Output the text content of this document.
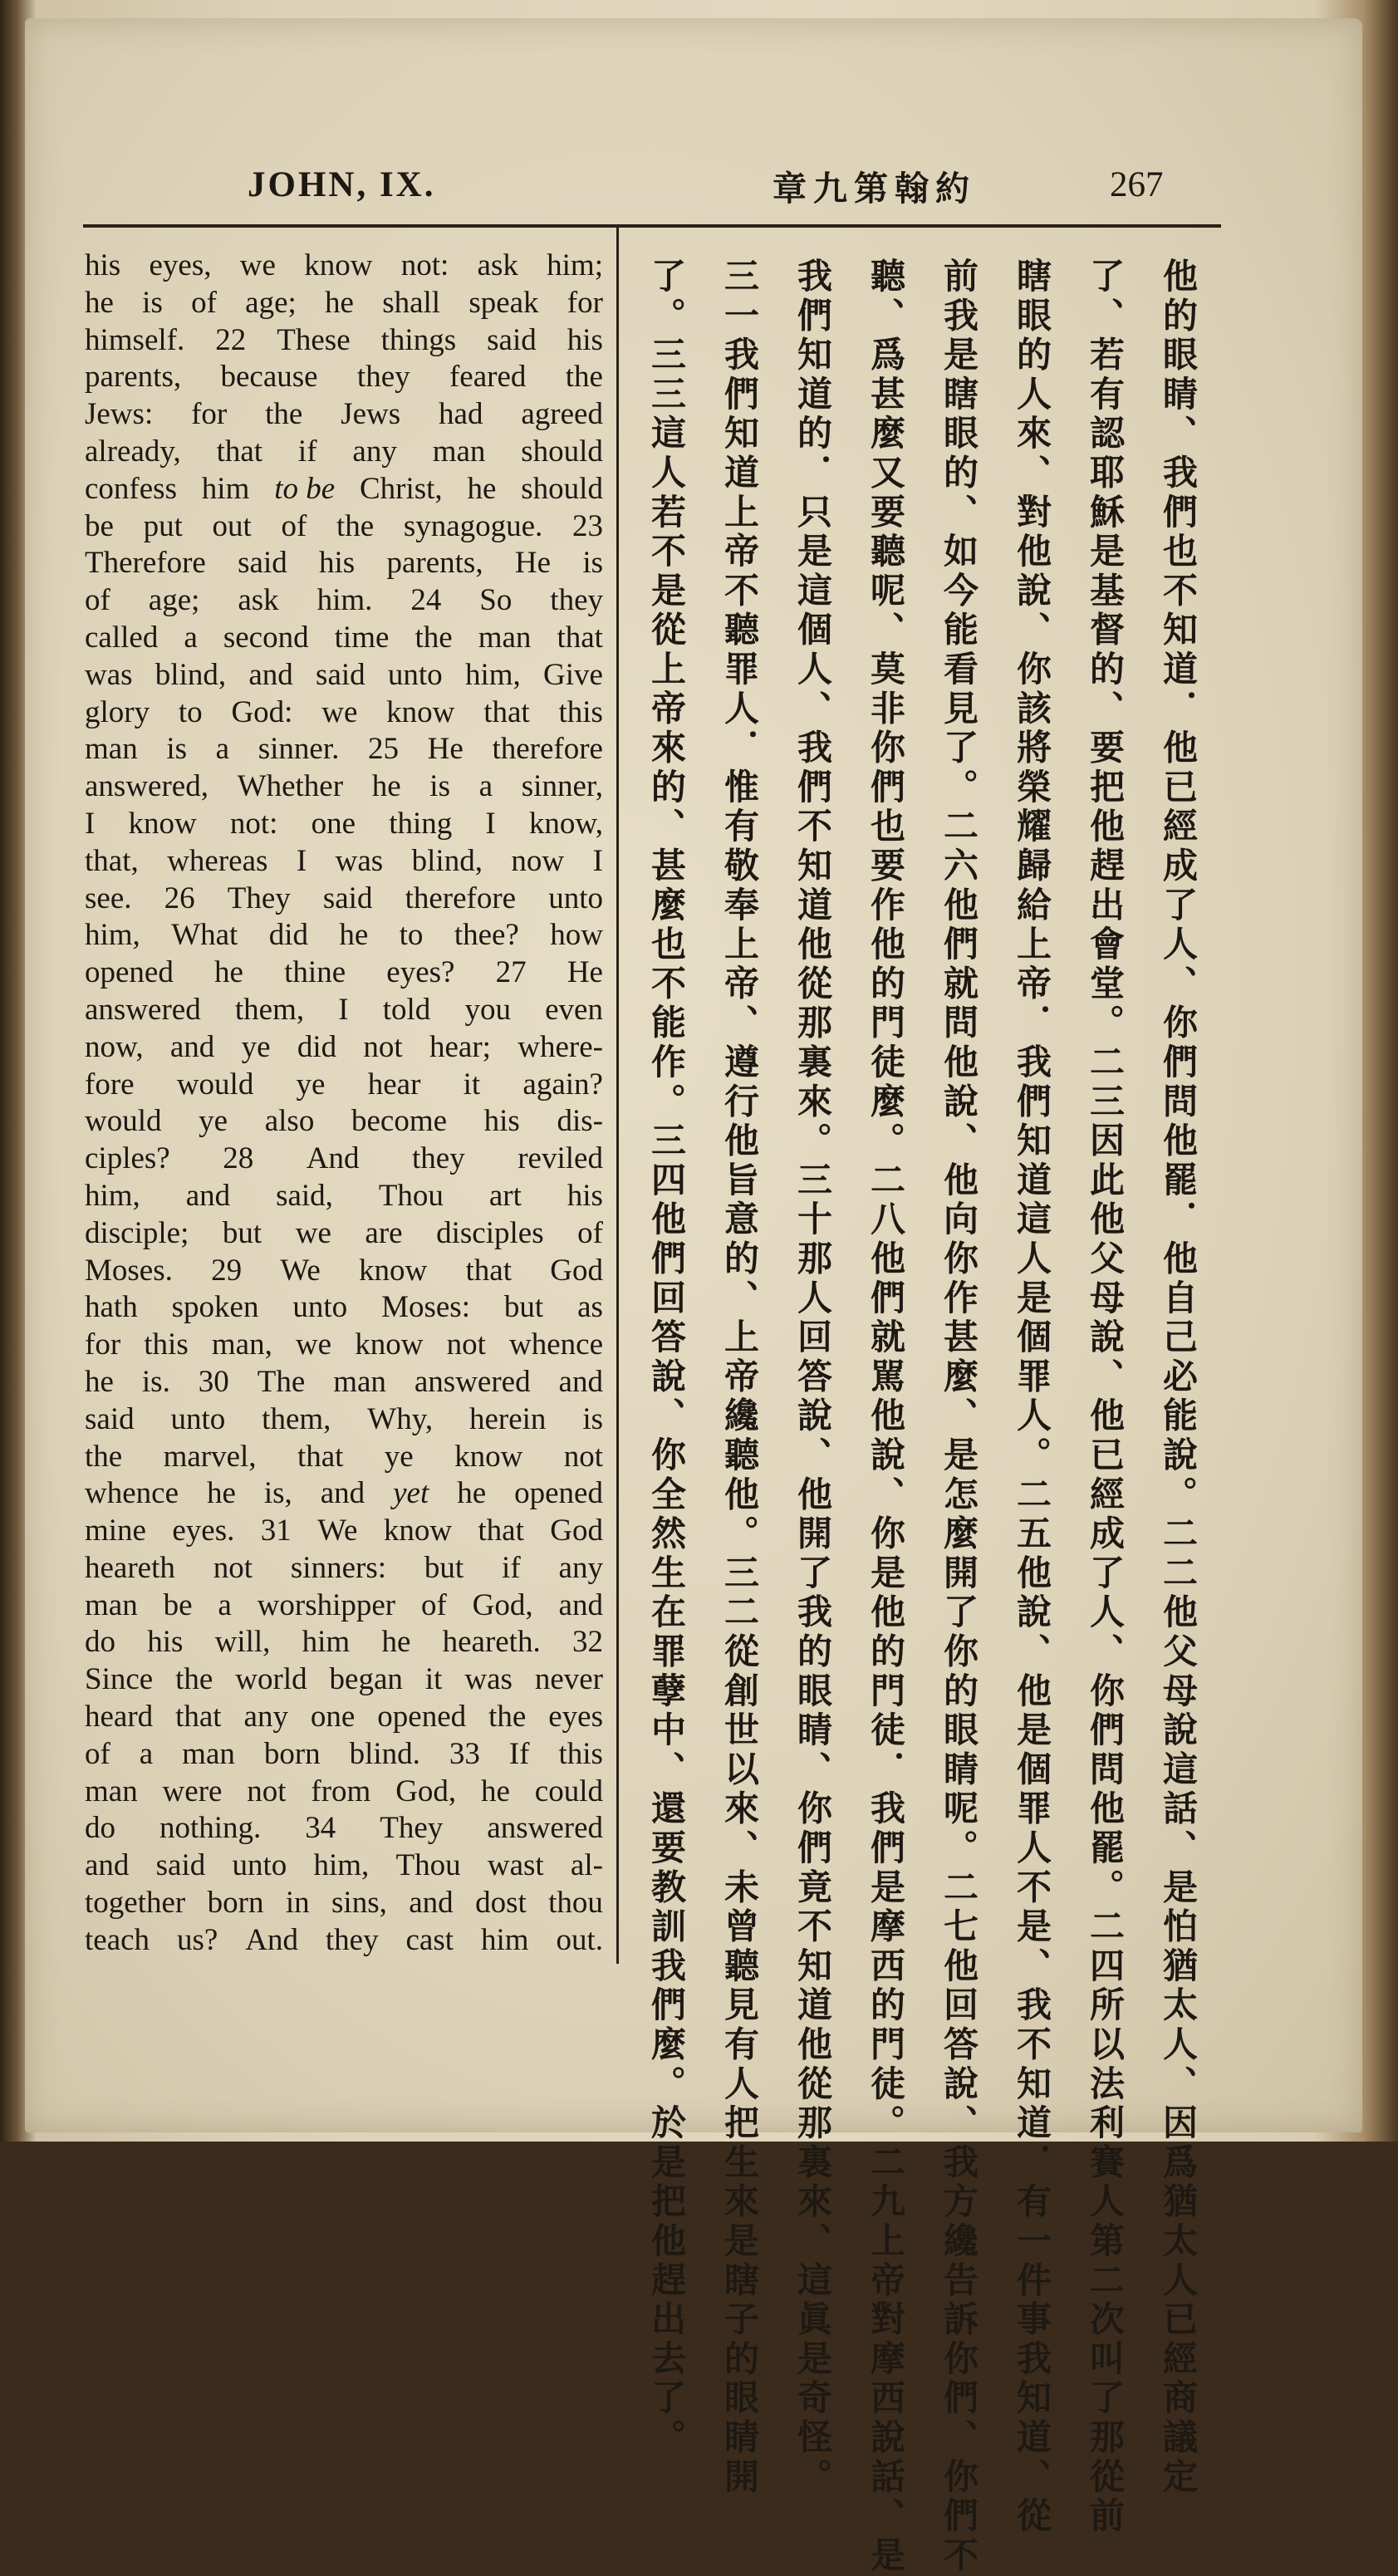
JOHN, IX.	章九第翰約	267
his eyes, we know not: ask him;
he is of age; he shall speak for
himself. 22 These things said his
parents, because they feared the
Jews: for the Jews had agreed
already, that if any man should
confess him to be Christ, he should
be put out of the synagogue. 23
Therefore said his parents, He is
of age; ask him. 24 So they
called a second time the man that
was blind, and said unto him, Give
glory to God: we know that this
man is a sinner. 25 He therefore
answered, Whether he is a sinner,
I know not: one thing I know,
that, whereas I was blind, now I
see. 26 They said therefore unto
him, What did he to thee? how
opened he thine eyes? 27 He
answered them, I told you even
now, and ye did not hear; where-
fore would ye hear it again?
would ye also become his dis-
ciples? 28 And they reviled
him, and said, Thou art his
disciple; but we are disciples of
Moses. 29 We know that God
hath spoken unto Moses: but as
for this man, we know not whence
he is. 30 The man answered and
said unto them, Why, herein is
the marvel, that ye know not
whence he is, and yet he opened
mine eyes. 31 We know that God
heareth not sinners: but if any
man be a worshipper of God, and
do his will, him he heareth. 32
Since the world began it was never
heard that any one opened the eyes
of a man born blind. 33 If this
man were not from God, he could
do nothing. 34 They answered
and said unto him, Thou wast al-
together born in sins, and dost thou
teach us? And they cast him out.	他的眼睛、我們也不知道．他已經成了人、你們問他罷．他自己必能說。二二他父母說這話、是怕猶太人、因爲猶太人已經商議定
了、若有認耶穌是基督的、要把他趕出會堂。二三因此他父母說、他已經成了人、你們問他罷。二四所以法利賽人第二次叫了那從前
瞎眼的人來、對他說、你該將榮耀歸給上帝．我們知道這人是個罪人。二五他說、他是個罪人不是、我不知道．有一件事我知道、從
前我是瞎眼的、如今能看見了。二六他們就問他說、他向你作甚麼、是怎麼開了你的眼睛呢。二七他回答說、我方纔告訴你們、你們不
聽、爲甚麼又要聽呢、莫非你們也要作他的門徒麼。二八他們就駡他說、你是他的門徒．我們是摩西的門徒。二九上帝對摩西說話、是
我們知道的．只是這個人、我們不知道他從那裏來。三十那人回答說、他開了我的眼睛、你們竟不知道他從那裏來、這眞是奇怪。
三一我們知道上帝不聽罪人．惟有敬奉上帝、遵行他旨意的、上帝纔聽他。三二從創世以來、未曾聽見有人把生來是瞎子的眼睛開
了。三三這人若不是從上帝來的、甚麼也不能作。三四他們回答說、你全然生在罪孽中、還要教訓我們麼。於是把他趕出去了。
